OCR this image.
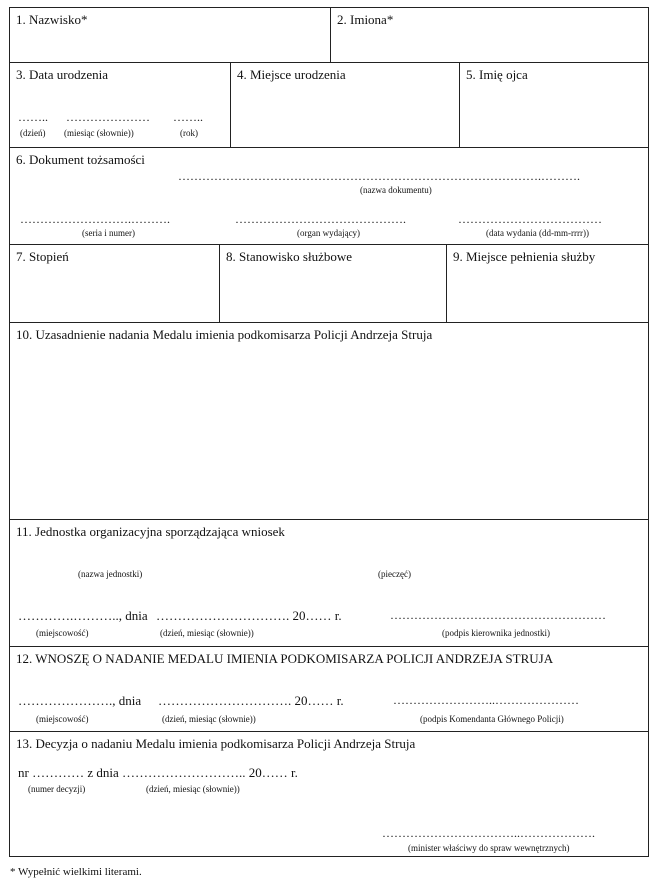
1. Nazwisko*	2. Imiona*
3. Data urodzenia
…….. ………………… ……..
(dzień) (miesiąc (słownie))	(rok)
4. Miejsce urodzenia	5. Imię ojca
6. Dokument tożsamości
……………………………………………………………………………….……….
(nazwa dokumentu)
……………………….……….
(seria i numer)
…………………………………….
(organ wydający)
………………………………
(data wydania (dd-mm-rrrr))
7. Stopień	8. Stanowisko służbowe	9. Miejsce pełnienia służby
10. Uzasadnienie nadania Medalu imienia podkomisarza Policji Andrzeja Struja
11. Jednostka organizacyjna sporządzająca wniosek
(nazwa jednostki)	(pieczęć)
………….……….., dnia …………………………. 20…… r.	………………………………………………
(miejscowość)	(dzień, miesiąc (słownie))	(podpis kierownika jednostki)
12. WNOSZĘ O NADANIE MEDALU IMIENIA PODKOMISARZA POLICJI ANDRZEJA STRUJA
…………………., dnia …………………………. 20…… r.	……………………..…………………
(miejscowość)	(dzień, miesiąc (słownie))	(podpis Komendanta Głównego Policji)
13. Decyzja o nadaniu Medalu imienia podkomisarza Policji Andrzeja Struja
nr ………… z dnia ……………………….. 20…… r.
(numer decyzji)	(dzień, miesiąc (słownie))
……………………………..……………….
(minister właściwy do spraw wewnętrznych)
* Wypełnić wielkimi literami.
